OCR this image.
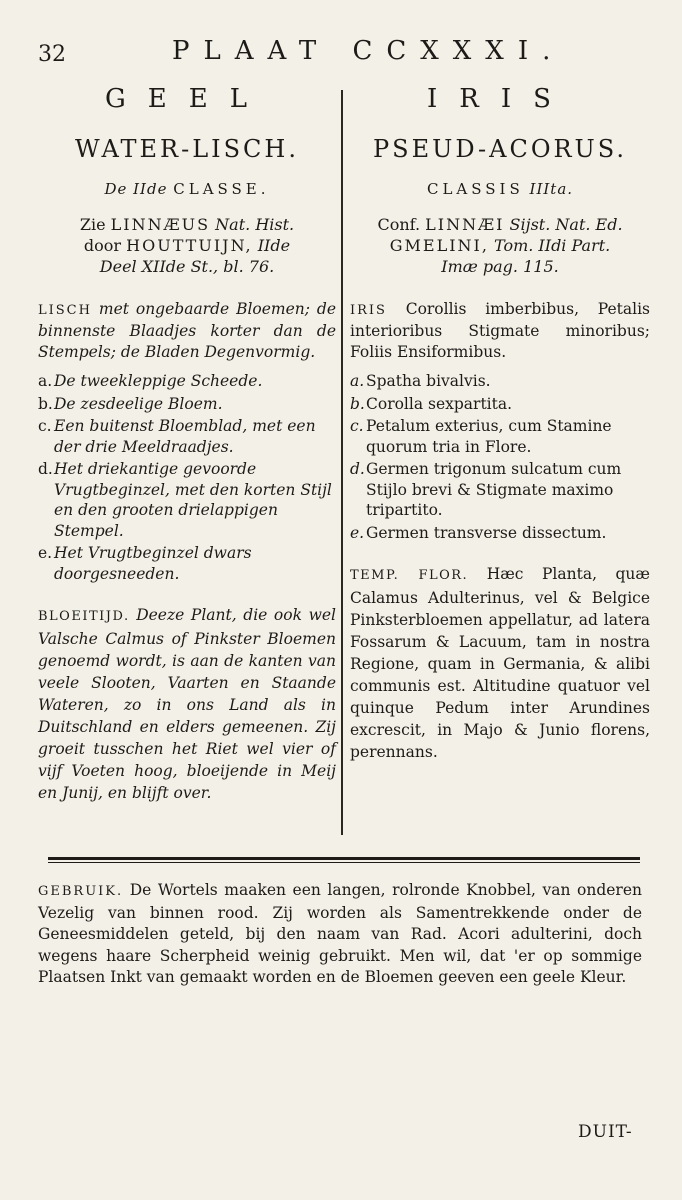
32	PLAAT CCXXXI.
GEEL
WATER-LISCH.
De IIde CLASSE.
Zie LINNÆUS Nat. Hist.
door HOUTTUIJN, IIde
Deel XIIde St., bl. 76.
LISCH met ongebaarde Bloemen; de binnenste Blaadjes korter dan de Stempels; de Bladen Degenvormig.
a. De tweekleppige Scheede.
b. De zesdeelige Bloem.
c. Een buitenst Bloemblad, met een der drie Meeldraadjes.
d. Het driekantige gevoorde Vrugtbeginzel, met den korten Stijl en den grooten drielappigen Stempel.
e. Het Vrugtbeginzel dwars doorgesneeden.
BLOEITIJD. Deeze Plant, die ook wel Valsche Calmus of Pinkster Bloemen genoemd wordt, is aan de kanten van veele Slooten, Vaarten en Staande Wateren, zo in ons Land als in Duitschland en elders gemeenen. Zij groeit tusschen het Riet wel vier of vijf Voeten hoog, bloeijende in Meij en Junij, en blijft over.
IRIS
PSEUD-ACORUS.
CLASSIS IIIta.
Conf. LINNÆI Sijst. Nat. Ed.
GMELINI, Tom. IIdi Part.
Imæ pag. 115.
IRIS Corollis imberbibus, Petalis interioribus Stigmate minoribus; Foliis Ensiformibus.
a. Spatha bivalvis.
b. Corolla sexpartita.
c. Petalum exterius, cum Stamine quorum tria in Flore.
d. Germen trigonum sulcatum cum Stijlo brevi & Stigmate maximo tripartito.
e. Germen transverse dissectum.
TEMP. FLOR. Hæc Planta, quæ Calamus Adulterinus, vel & Belgice Pinksterbloemen appellatur, ad latera Fossarum & Lacuum, tam in nostra Regione, quam in Germania, & alibi communis est. Altitudine quatuor vel quinque Pedum inter Arundines excrescit, in Majo & Junio florens, perennans.
GEBRUIK. De Wortels maaken een langen, rolronde Knobbel, van onderen Vezelig van binnen rood. Zij worden als Samentrekkende onder de Geneesmiddelen geteld, bij den naam van Rad. Acori adulterini, doch wegens haare Scherpheid weinig gebruikt. Men wil, dat 'er op sommige Plaatsen Inkt van gemaakt worden en de Bloemen geeven een geele Kleur.
DUIT-
